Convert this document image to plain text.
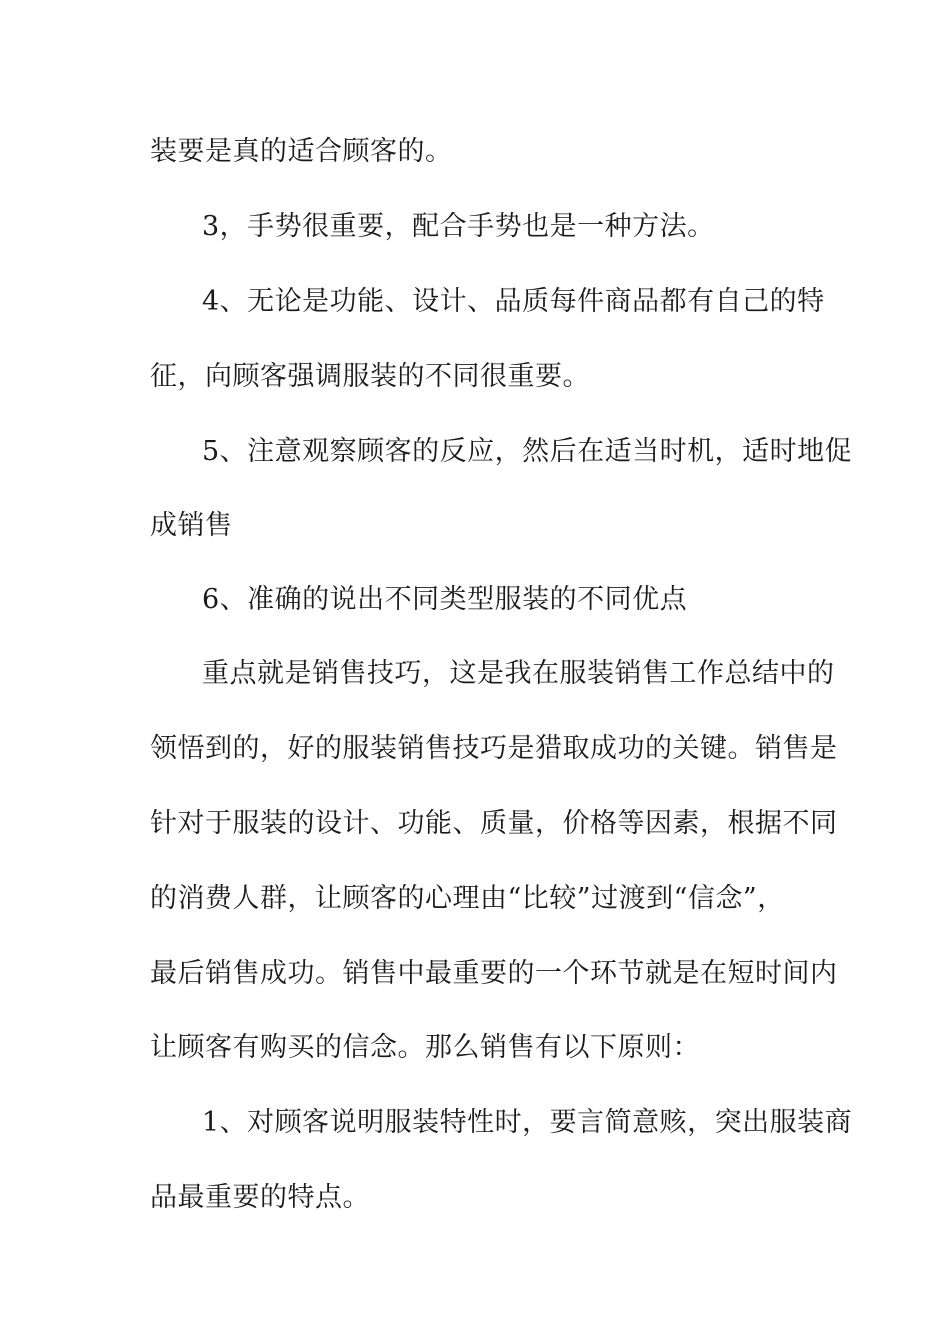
装要是真的适合顾客的。
3，手势很重要，配合手势也是一种方法。
4、无论是功能、设计、品质每件商品都有自己的特
征，向顾客强调服装的不同很重要。
5、注意观察顾客的反应，然后在适当时机，适时地促
成销售
6、准确的说出不同类型服装的不同优点
重点就是销售技巧，这是我在服装销售工作总结中的
领悟到的，好的服装销售技巧是猎取成功的关键。销售是
针对于服装的设计、功能、质量，价格等因素，根据不同
的消费人群，让顾客的心理由“比较”过渡到“信念”，
最后销售成功。销售中最重要的一个环节就是在短时间内
让顾客有购买的信念。那么销售有以下原则：
1、对顾客说明服装特性时，要言简意赅，突出服装商
品最重要的特点。
